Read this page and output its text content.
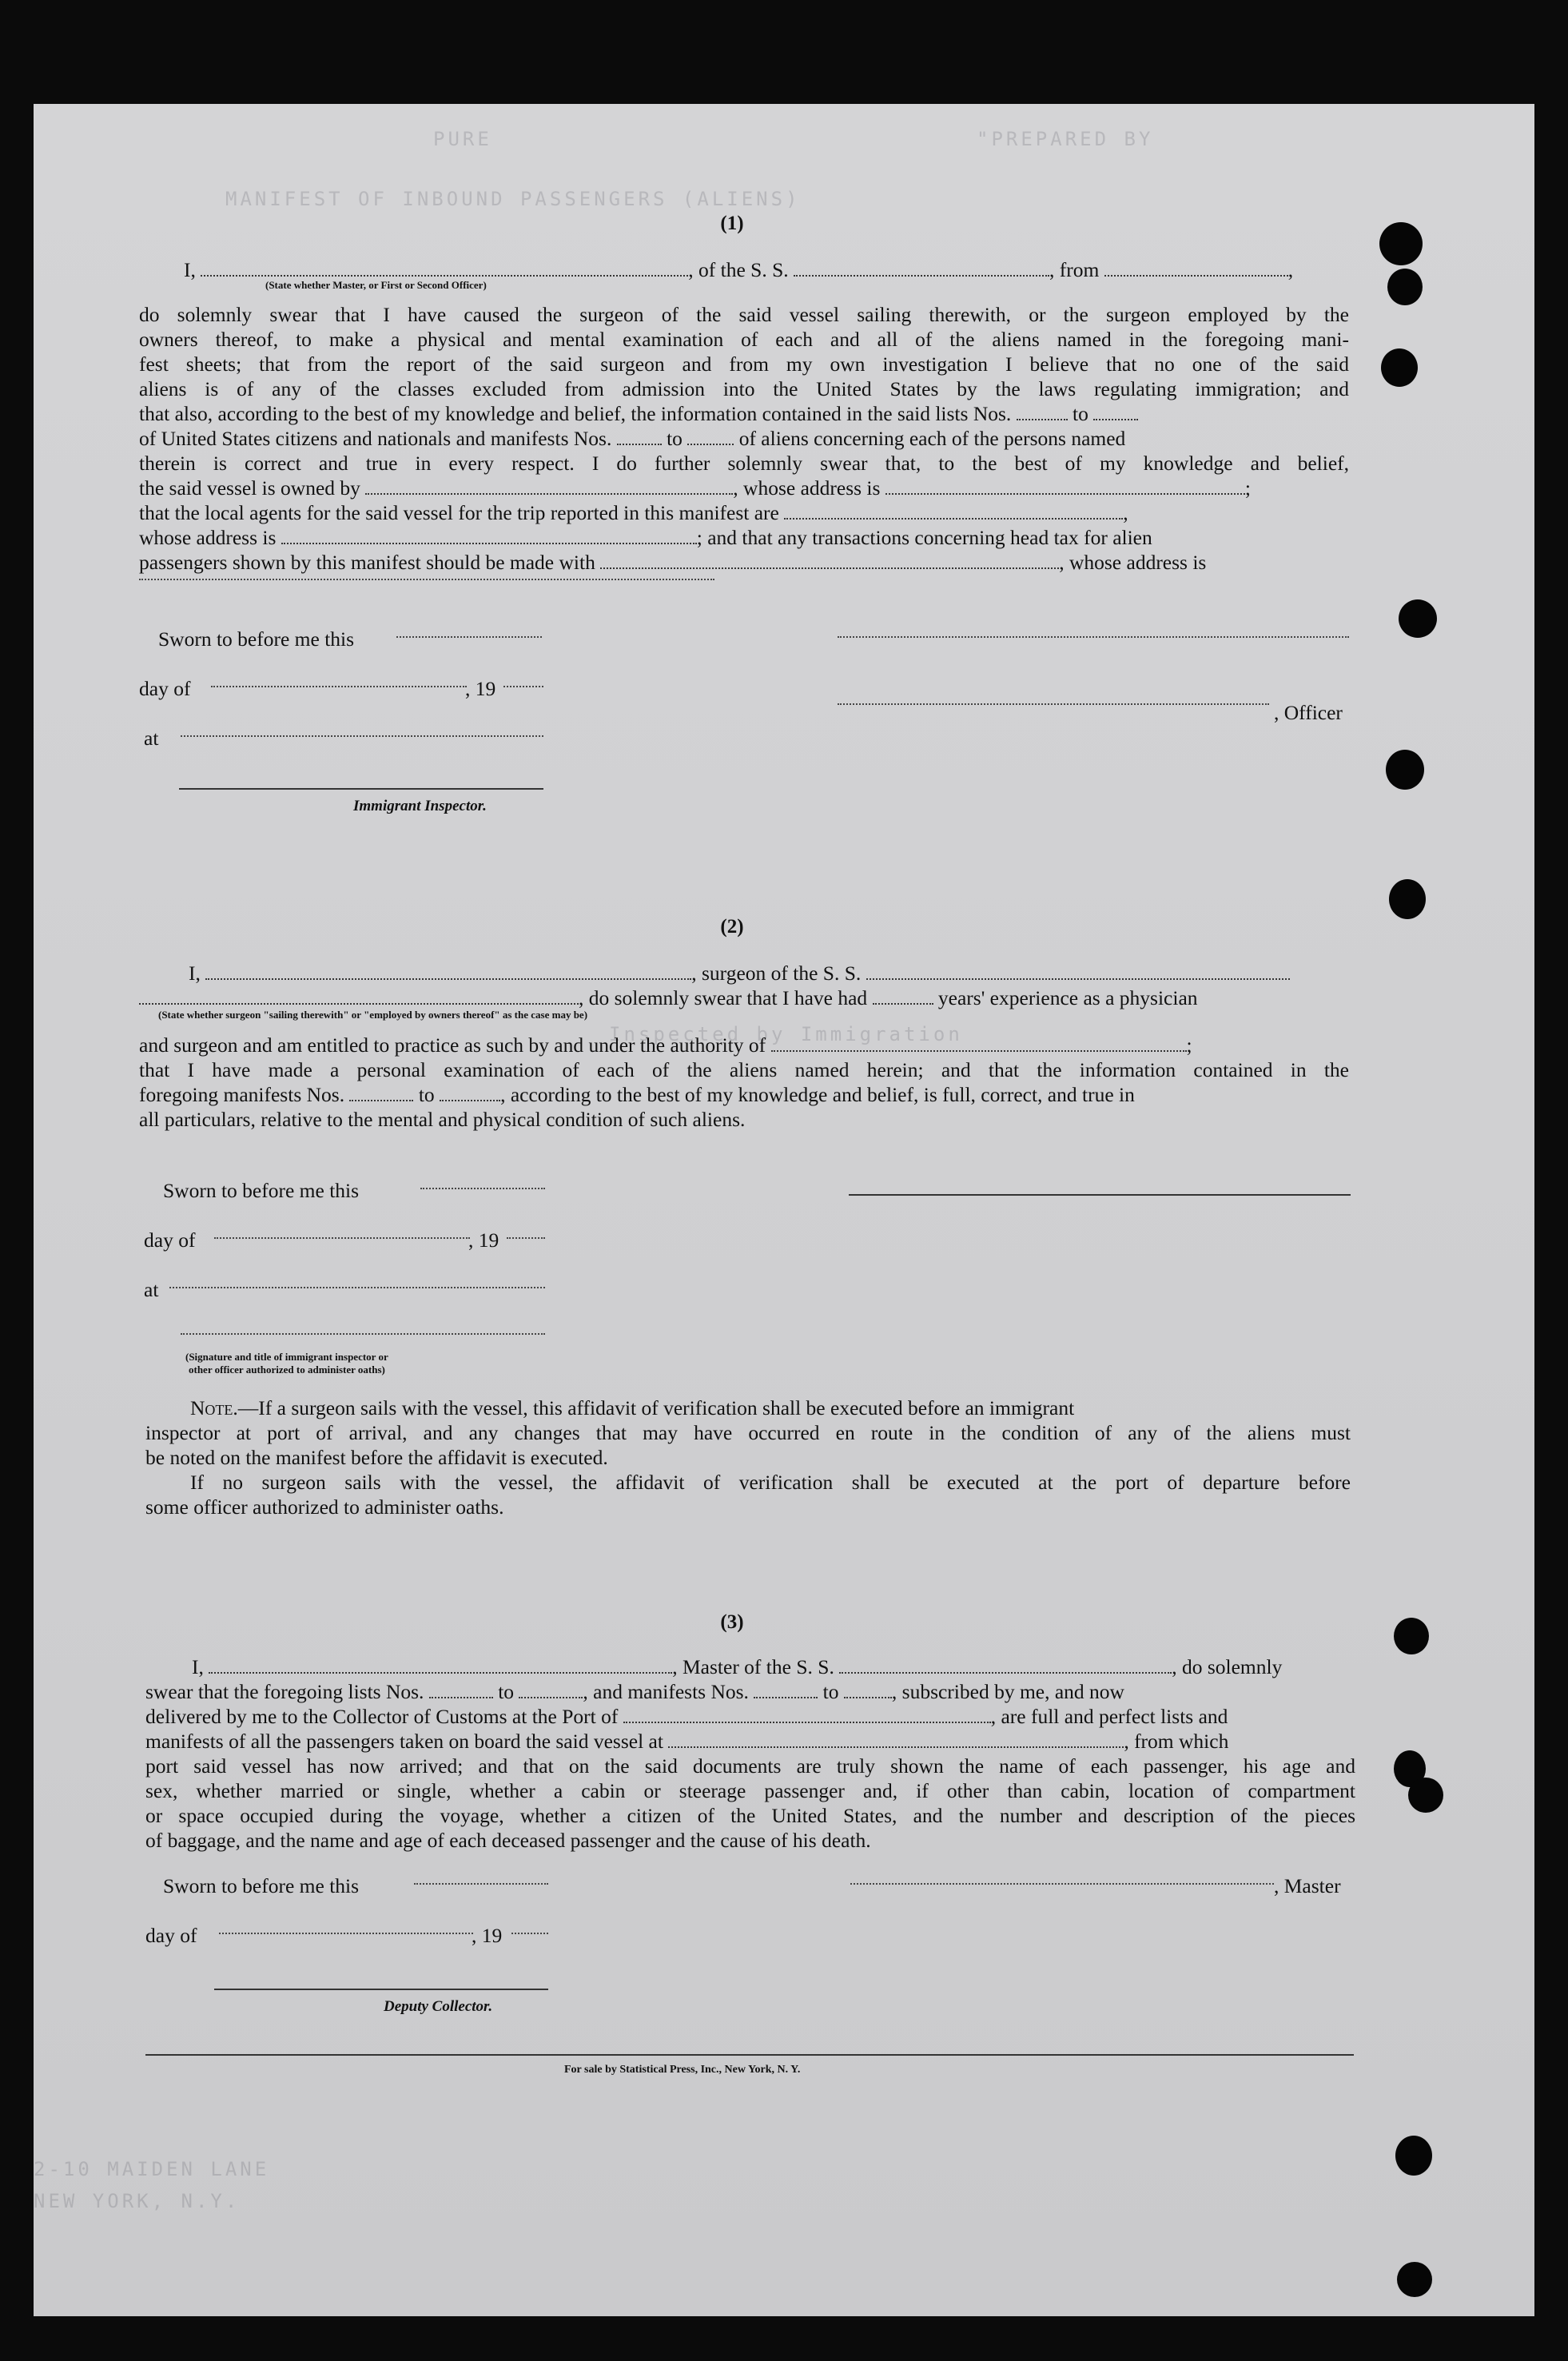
"PREPARED BY
PURE
MANIFEST OF INBOUND PASSENGERS (ALIENS)
Inspected by Immigration
2-10 MAIDEN LANE
NEW YORK, N.Y.
(1)
I,	, of the S. S.	, from	,
(State whether Master, or First or Second Officer)
do solemnly swear that I have caused the surgeon of the said vessel sailing therewith, or the surgeon employed by the
owners thereof, to make a physical and mental examination of each and all of the aliens named in the foregoing mani-
fest sheets; that from the report of the said surgeon and from my own investigation I believe that no one of the said
aliens is of any of the classes excluded from admission into the United States by the laws regulating immigration; and
that also, according to the best of my knowledge and belief, the information contained in the said lists Nos.	to
of United States citizens and nationals and manifests Nos.	to	of aliens concerning each of the persons named
therein is correct and true in every respect. I do further solemnly swear that, to the best of my knowledge and belief,
the said vessel is owned by	, whose address is	;
that the local agents for the said vessel for the trip reported in this manifest are	,
whose address is	; and that any transactions concerning head tax for alien
passengers shown by this manifest should be made with	, whose address is
Sworn to before me this
day of	, 19
, Officer
at
Immigrant Inspector.
(2)
I,	, surgeon of the S. S.
, do solemnly swear that I have had	years' experience as a physician
(State whether surgeon "sailing therewith" or "employed by owners thereof" as the case may be)
and surgeon and am entitled to practice as such by and under the authority of	;
that I have made a personal examination of each of the aliens named herein; and that the information contained in the
foregoing manifests Nos.	to	, according to the best of my knowledge and belief, is full, correct, and true in
all particulars, relative to the mental and physical condition of such aliens.
Sworn to before me this
day of	, 19
at
(Signature and title of immigrant inspector or
other officer authorized to administer oaths)
Note.—If a surgeon sails with the vessel, this affidavit of verification shall be executed before an immigrant
inspector at port of arrival, and any changes that may have occurred en route in the condition of any of the aliens must
be noted on the manifest before the affidavit is executed.
If no surgeon sails with the vessel, the affidavit of verification shall be executed at the port of departure before
some officer authorized to administer oaths.
(3)
I,	, Master of the S. S.	, do solemnly
swear that the foregoing lists Nos.	to	, and manifests Nos.	to	, subscribed by me, and now
delivered by me to the Collector of Customs at the Port of	, are full and perfect lists and
manifests of all the passengers taken on board the said vessel at	, from which
port said vessel has now arrived; and that on the said documents are truly shown the name of each passenger, his age and
sex, whether married or single, whether a cabin or steerage passenger and, if other than cabin, location of compartment
or space occupied during the voyage, whether a citizen of the United States, and the number and description of the pieces
of baggage, and the name and age of each deceased passenger and the cause of his death.
Sworn to before me this	, Master
day of	, 19
Deputy Collector.
For sale by Statistical Press, Inc., New York, N. Y.
